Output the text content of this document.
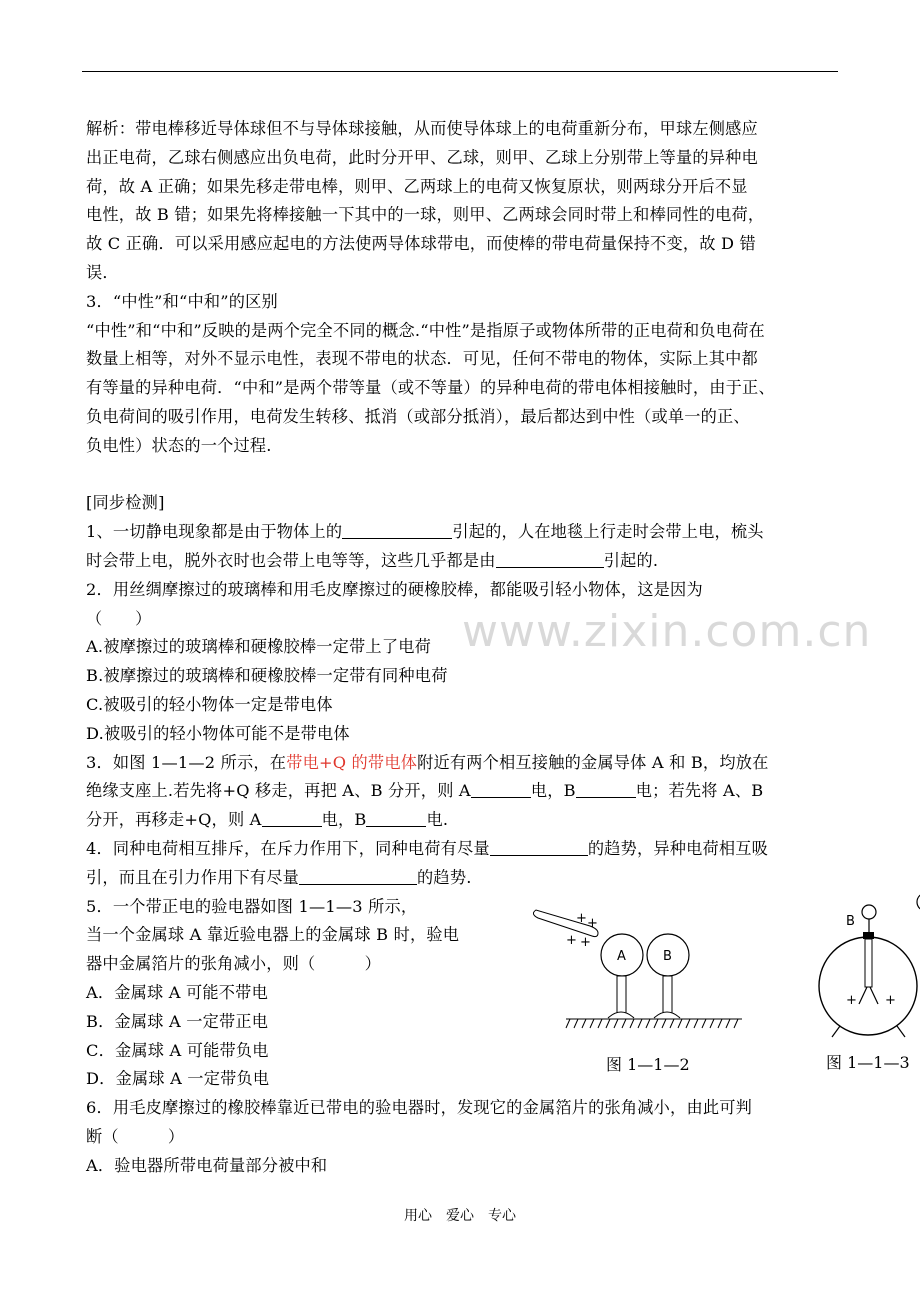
www.zixin.com.cn

解析：带电棒移近导体球但不与导体球接触，从而使导体球上的电荷重新分布，甲球左侧感应

出正电荷，乙球右侧感应出负电荷，此时分开甲、乙球，则甲、乙球上分别带上等量的异种电

荷，故 A 正确；如果先移走带电棒，则甲、乙两球上的电荷又恢复原状，则两球分开后不显

电性，故 B 错；如果先将棒接触一下其中的一球，则甲、乙两球会同时带上和棒同性的电荷，

故 C 正确．可以采用感应起电的方法使两导体球带电，而使棒的带电荷量保持不变，故 D 错

误．

3．“中性”和“中和”的区别

“中性”和“中和”反映的是两个完全不同的概念.“中性”是指原子或物体所带的正电荷和负电荷在

数量上相等，对外不显示电性，表现不带电的状态．可见，任何不带电的物体，实际上其中都

有等量的异种电荷．“中和”是两个带等量（或不等量）的异种电荷的带电体相接触时，由于正、

负电荷间的吸引作用，电荷发生转移、抵消（或部分抵消），最后都达到中性（或单一的正、

负电性）状态的一个过程.

[同步检测]

1、一切静电现象都是由于物体上的	引起的，人在地毯上行走时会带上电，梳头

时会带上电，脱外衣时也会带上电等等，这些几乎都是由	引起的.

2．用丝绸摩擦过的玻璃棒和用毛皮摩擦过的硬橡胶棒，都能吸引轻小物体，这是因为

（　　）

A.被摩擦过的玻璃棒和硬橡胶棒一定带上了电荷

B.被摩擦过的玻璃棒和硬橡胶棒一定带有同种电荷

C.被吸引的轻小物体一定是带电体

D.被吸引的轻小物体可能不是带电体

3．如图 1—1—2 所示，在带电+Q 的带电体附近有两个相互接触的金属导体 A 和 B，均放在

绝缘支座上.若先将+Q 移走，再把 A、B 分开，则 A	电，B	电；若先将 A、B

分开，再移走+Q，则 A	电，B	电.

4．同种电荷相互排斥，在斥力作用下，同种电荷有尽量	的趋势，异种电荷相互吸

引，而且在引力作用下有尽量	的趋势.

5．一个带正电的验电器如图 1—1—3 所示，

当一个金属球 A 靠近验电器上的金属球 B 时，验电

器中金属箔片的张角减小，则（　　　）

A．金属球 A 可能不带电

B．金属球 A 一定带正电

C．金属球 A 可能带负电

D．金属球 A 一定带负电

6．用毛皮摩擦过的橡胶棒靠近已带电的验电器时，发现它的金属箔片的张角减小，由此可判

断（　　　）

A．验电器所带电荷量部分被中和

+ +
+ +
A	B
图 1—1—2
B
+ +
图 1—1—3
用心　爱心　专心
